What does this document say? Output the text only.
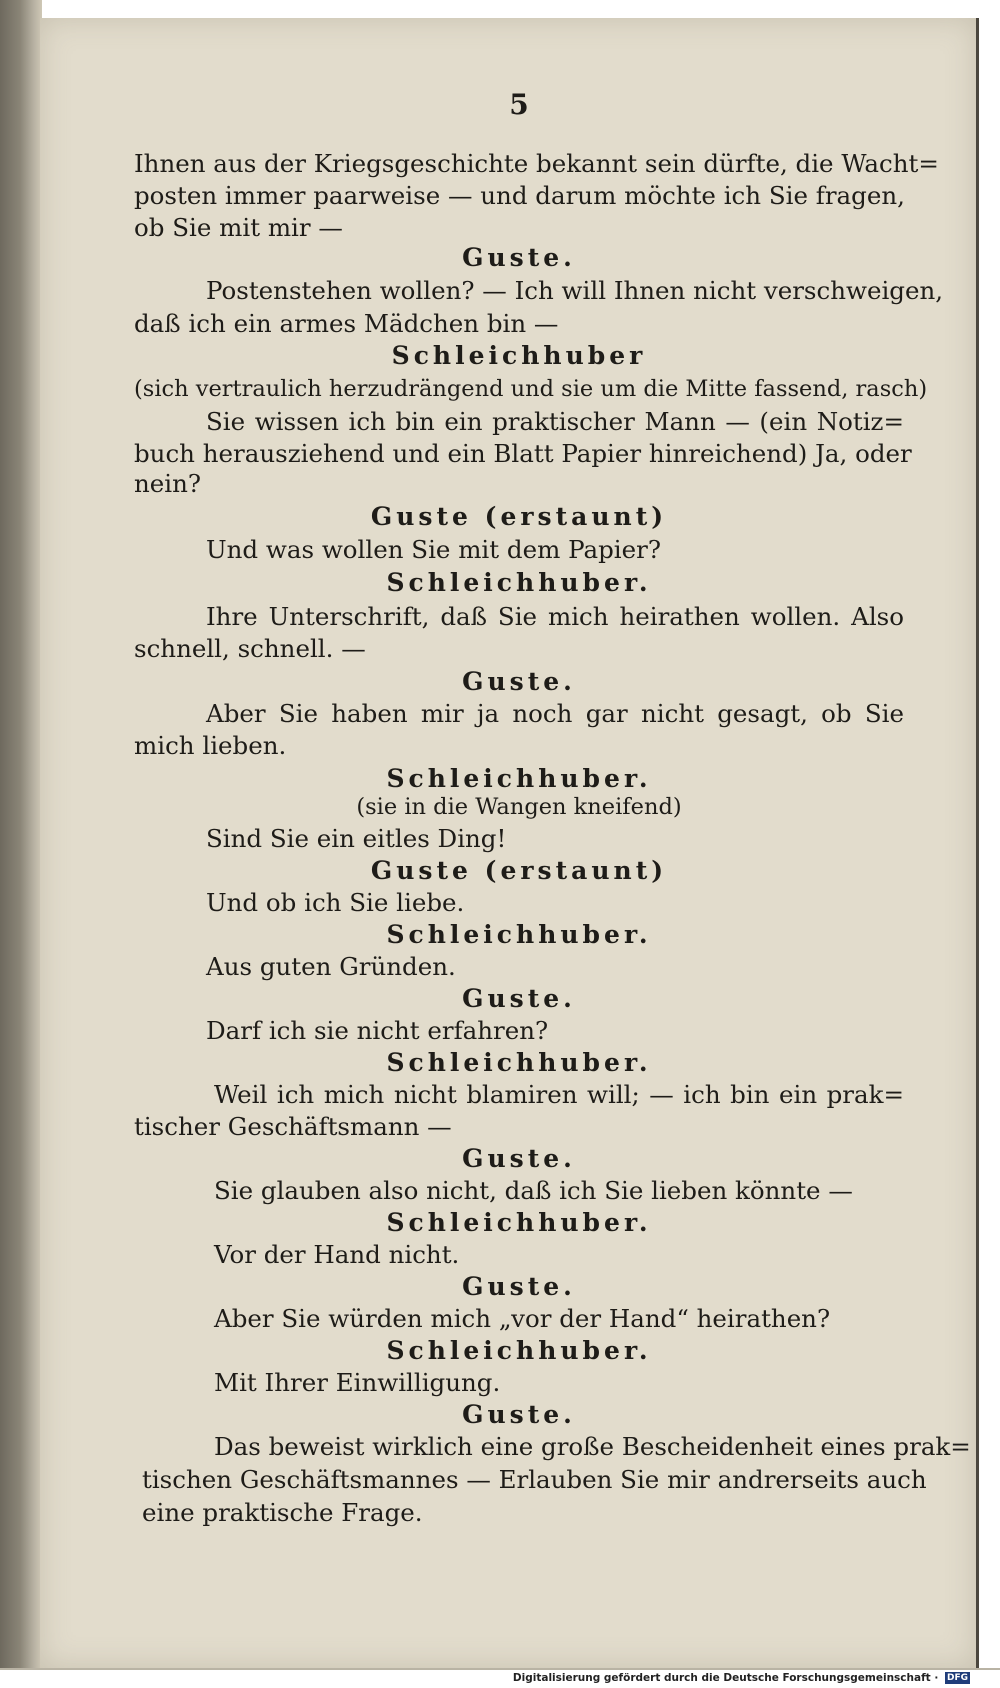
5
Ihnen aus der Kriegsgeschichte bekannt sein dürfte, die Wacht=
posten immer paarweise — und darum möchte ich Sie fragen,
ob Sie mit mir —
Guste.
Postenstehen wollen? — Ich will Ihnen nicht verschweigen,
daß ich ein armes Mädchen bin —
Schleichhuber
(sich vertraulich herzudrängend und sie um die Mitte fassend, rasch)
Sie wissen ich bin ein praktischer Mann — (ein Notiz=
buch herausziehend und ein Blatt Papier hinreichend) Ja, oder
nein?
Guste (erstaunt)
Und was wollen Sie mit dem Papier?
Schleichhuber.
Ihre Unterschrift, daß Sie mich heirathen wollen. Also
schnell, schnell. —
Guste.
Aber Sie haben mir ja noch gar nicht gesagt, ob Sie
mich lieben.
Schleichhuber.
(sie in die Wangen kneifend)
Sind Sie ein eitles Ding!
Guste (erstaunt)
Und ob ich Sie liebe.
Schleichhuber.
Aus guten Gründen.
Guste.
Darf ich sie nicht erfahren?
Schleichhuber.
Weil ich mich nicht blamiren will; — ich bin ein prak=
tischer Geschäftsmann —
Guste.
Sie glauben also nicht, daß ich Sie lieben könnte —
Schleichhuber.
Vor der Hand nicht.
Guste.
Aber Sie würden mich „vor der Hand“ heirathen?
Schleichhuber.
Mit Ihrer Einwilligung.
Guste.
Das beweist wirklich eine große Bescheidenheit eines prak=
tischen Geschäftsmannes — Erlauben Sie mir andrerseits auch
eine praktische Frage.
Digitalisierung gefördert durch die Deutsche Forschungsgemeinschaft · DFG
